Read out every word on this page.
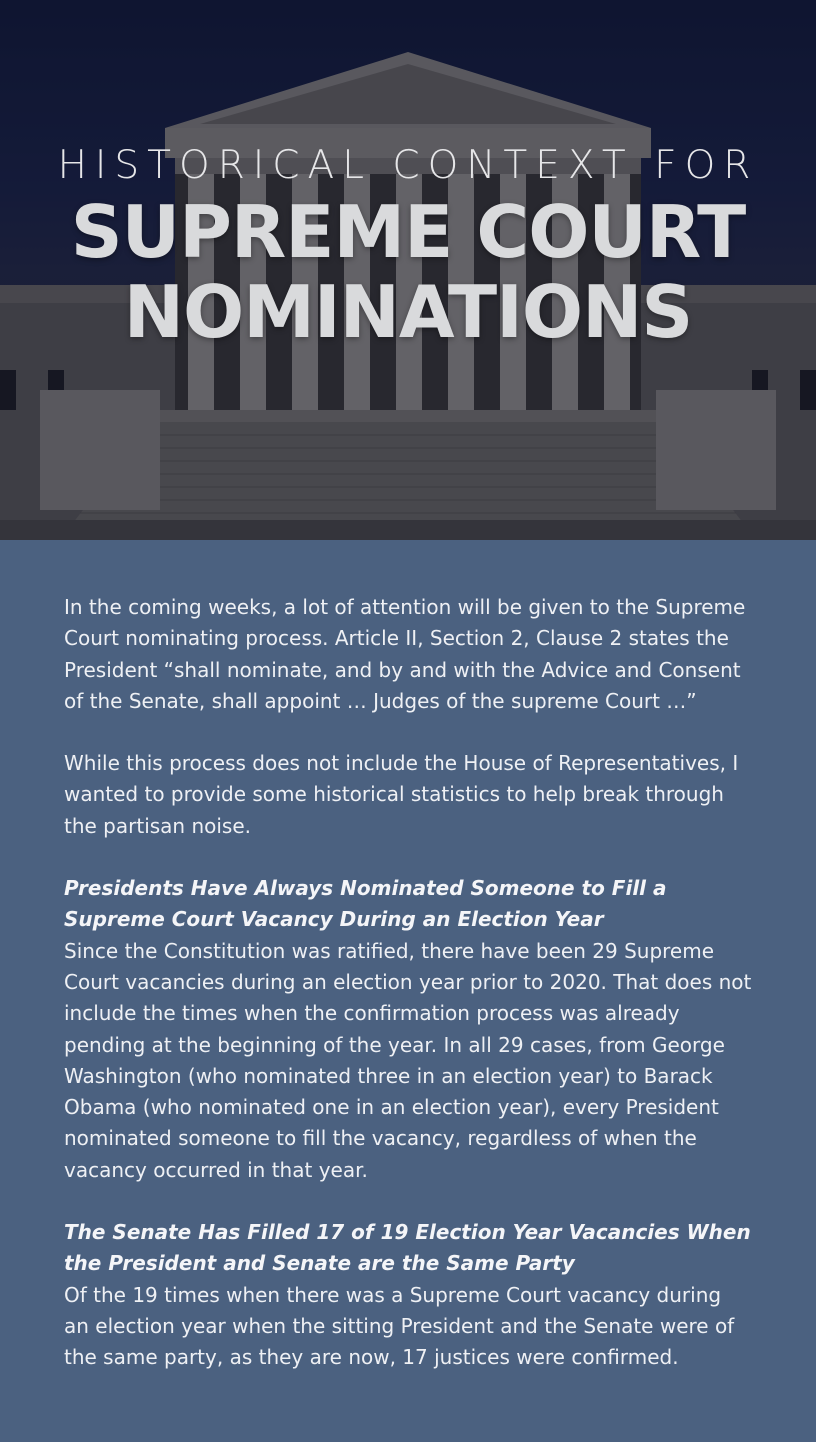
HISTORICAL CONTEXT FOR

SUPREME COURT

NOMINATIONS

In the coming weeks, a lot of attention will be given to the Supreme Court nominating process. Article II, Section 2, Clause 2 states the President “shall nominate, and by and with the Advice and Consent of the Senate, shall appoint … Judges of the supreme Court …”

While this process does not include the House of Representatives, I wanted to provide some historical statistics to help break through the partisan noise.

Presidents Have Always Nominated Someone to Fill a Supreme Court Vacancy During an Election Year

Since the Constitution was ratified, there have been 29 Supreme Court vacancies during an election year prior to 2020. That does not include the times when the confirmation process was already pending at the beginning of the year. In all 29 cases, from George Washington (who nominated three in an election year) to Barack Obama (who nominated one in an election year), every President nominated someone to fill the vacancy, regardless of when the vacancy occurred in that year.

The Senate Has Filled 17 of 19 Election Year Vacancies When the President and Senate are the Same Party

Of the 19 times when there was a Supreme Court vacancy during an election year when the sitting President and the Senate were of the same party, as they are now, 17 justices were confirmed.
